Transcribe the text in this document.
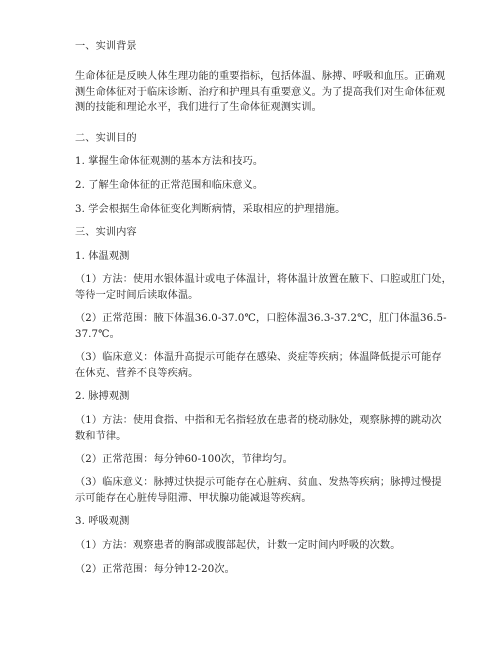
一、实训背景
生命体征是反映人体生理功能的重要指标，包括体温、脉搏、呼吸和血压。正确观
测生命体征对于临床诊断、治疗和护理具有重要意义。为了提高我们对生命体征观
测的技能和理论水平，我们进行了生命体征观测实训。
二、实训目的
1. 掌握生命体征观测的基本方法和技巧。
2. 了解生命体征的正常范围和临床意义。
3. 学会根据生命体征变化判断病情，采取相应的护理措施。
三、实训内容
1. 体温观测
（1）方法：使用水银体温计或电子体温计，将体温计放置在腋下、口腔或肛门处，
等待一定时间后读取体温。
（2）正常范围：腋下体温36.0-37.0℃，口腔体温36.3-37.2℃，肛门体温36.5-
37.7℃。
（3）临床意义：体温升高提示可能存在感染、炎症等疾病；体温降低提示可能存
在休克、营养不良等疾病。
2. 脉搏观测
（1）方法：使用食指、中指和无名指轻放在患者的桡动脉处，观察脉搏的跳动次
数和节律。
（2）正常范围：每分钟60-100次，节律均匀。
（3）临床意义：脉搏过快提示可能存在心脏病、贫血、发热等疾病；脉搏过慢提
示可能存在心脏传导阻滞、甲状腺功能减退等疾病。
3. 呼吸观测
（1）方法：观察患者的胸部或腹部起伏，计数一定时间内呼吸的次数。
（2）正常范围：每分钟12-20次。
